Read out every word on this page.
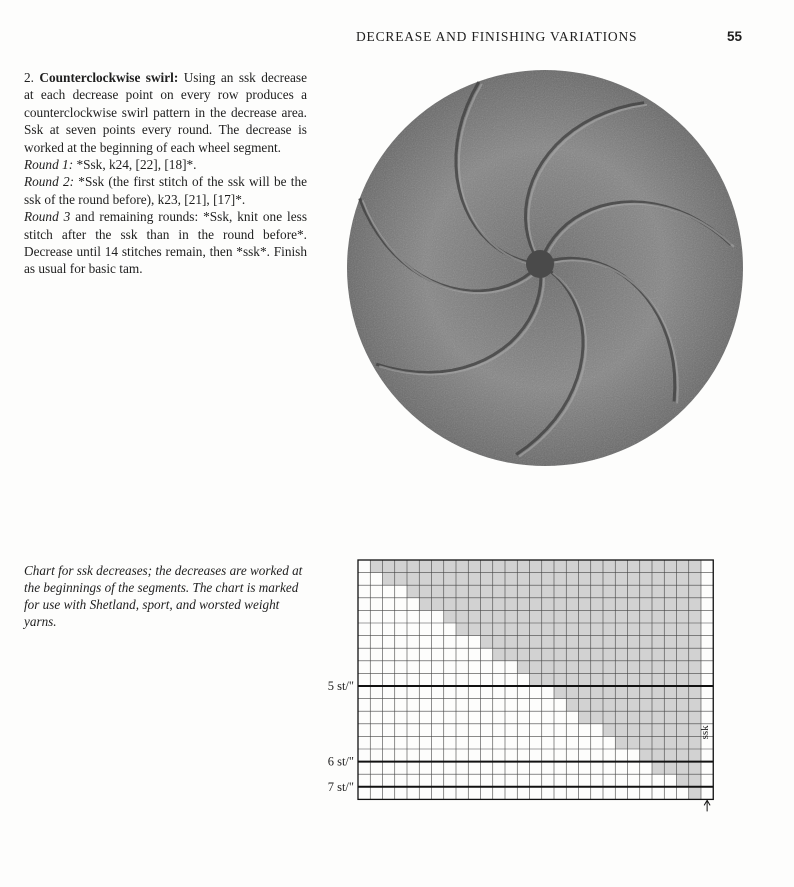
DECREASE AND FINISHING VARIATIONS	55

2. Counterclockwise swirl: Using an ssk decrease at each decrease point on every row produces a counterclockwise swirl pattern in the decrease area. Ssk at seven points every round. The decrease is worked at the beginning of each wheel segment.

Round 1: *Ssk, k24, [22], [18]*.

Round 2: *Ssk (the first stitch of the ssk will be the ssk of the round before), k23, [21], [17]*.

Round 3 and remaining rounds: *Ssk, knit one less stitch after the ssk than in the round before*. Decrease until 14 stitches remain, then *ssk*. Finish as usual for basic tam.

Chart for ssk decreases; the decreases are worked at the beginnings of the segments. The chart is marked for use with Shetland, sport, and worsted weight yarns.
5 st/"
6 st/"
7 st/"
ssk
